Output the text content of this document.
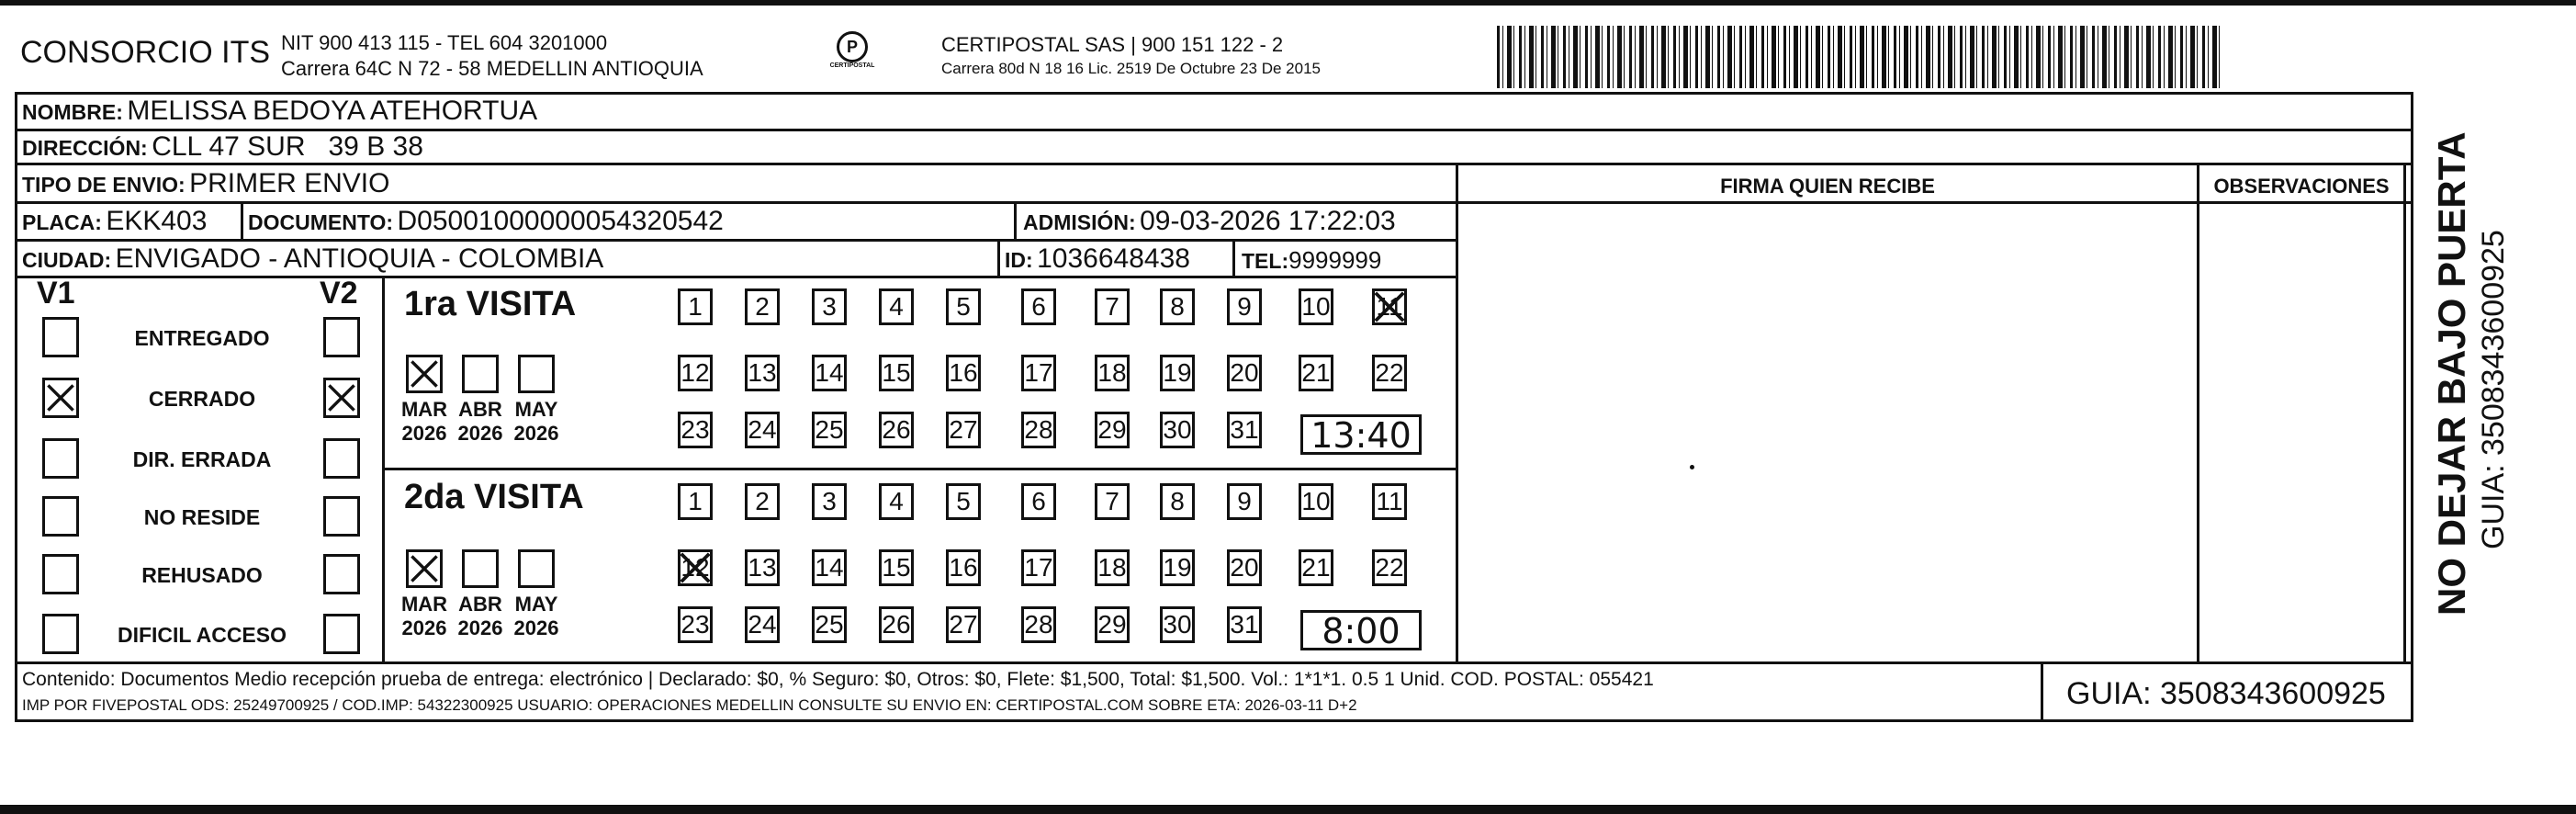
CONSORCIO ITS NIT 900 413 115 - TEL 604 3201000
Carrera 64C N 72 - 58 MEDELLIN ANTIOQUIA
P
CERTIPOSTAL
CERTIPOSTAL SAS | 900 151 122 - 2
Carrera 80d N 18 16 Lic. 2519 De Octubre 23 De 2015
NOMBRE: MELISSA BEDOYA ATEHORTUA
DIRECCIÓN: CLL 47 SUR   39 B 38
TIPO DE ENVIO: PRIMER ENVIO
PLACA: EKK403 DOCUMENTO: D05001000000054320542	ADMISIÓN: 09-03-2026 17:22:03
CIUDAD: ENVIGADO - ANTIOQUIA - COLOMBIA	ID: 1036648438 TEL:9999999
FIRMA QUIEN RECIBE	OBSERVACIONES
V1	V2 1ra VISITA
13:40
2da VISITA
8:00
Contenido: Documentos Medio recepción prueba de entrega: electrónico | Declarado: $0, % Seguro: $0, Otros: $0, Flete: $1,500, Total: $1,500. Vol.: 1*1*1. 0.5 1 Unid. COD. POSTAL: 055421
IMP POR FIVEPOSTAL ODS: 25249700925 / COD.IMP: 54322300925 USUARIO: OPERACIONES MEDELLIN CONSULTE SU ENVIO EN: CERTIPOSTAL.COM SOBRE ETA: 2026-03-11 D+2	GUIA: 3508343600925
NO DEJAR BAJO PUERTA GUIA: 3508343600925
ENTREGADO
CERRADO
DIR. ERRADA
NO RESIDE
REHUSADO
DIFICIL ACCESO
MAR
2026
ABR
2026
MAY
2026
1	2	3	4	5	6	7	8	9	10 11
12 13 14 15 16 17 18 19 20 21 22
23 24 25 26 27 28 29 30 31
MAR
2026
ABR
2026
MAY
2026
1	2	3	4	5	6	7	8	9	10 11
12 13 14 15 16 17 18 19 20 21 22
23 24 25 26 27 28 29 30 31
